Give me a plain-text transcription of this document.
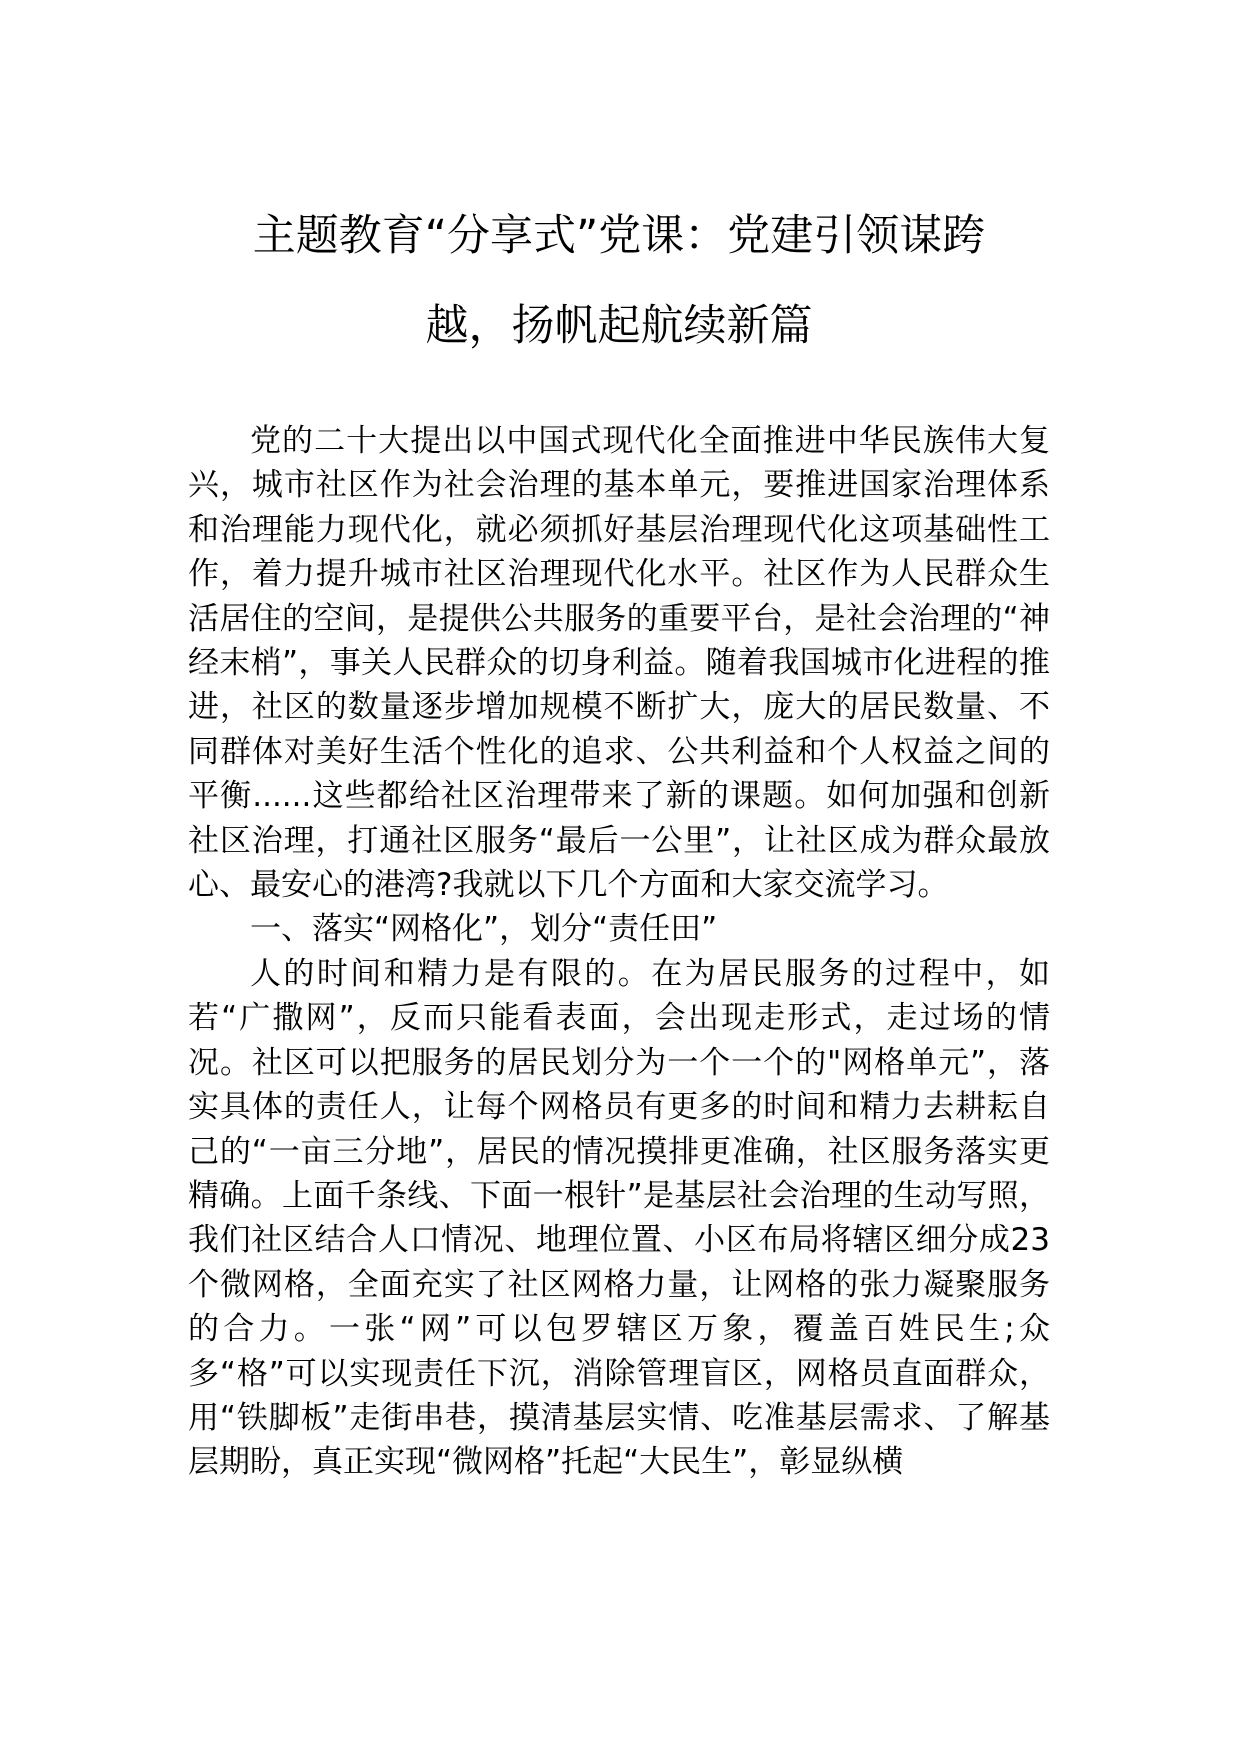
主题教育“分享式”党课：党建引领谋跨
越，扬帆起航续新篇

党的二十大提出以中国式现代化全面推进中华民族伟大复兴，城市社区作为社会治理的基本单元，要推进国家治理体系和治理能力现代化，就必须抓好基层治理现代化这项基础性工作，着力提升城市社区治理现代化水平。社区作为人民群众生活居住的空间，是提供公共服务的重要平台，是社会治理的“神经末梢”，事关人民群众的切身利益。随着我国城市化进程的推进，社区的数量逐步增加规模不断扩大，庞大的居民数量、不同群体对美好生活个性化的追求、公共利益和个人权益之间的平衡......这些都给社区治理带来了新的课题。如何加强和创新社区治理，打通社区服务“最后一公里”，让社区成为群众最放心、最安心的港湾?我就以下几个方面和大家交流学习。

一、落实“网格化”，划分“责任田”

人的时间和精力是有限的。在为居民服务的过程中，如若“广撒网”，反而只能看表面，会出现走形式，走过场的情况。社区可以把服务的居民划分为一个一个的"网格单元”，落实具体的责任人，让每个网格员有更多的时间和精力去耕耘自己的“一亩三分地”，居民的情况摸排更准确，社区服务落实更精确。上面千条线、下面一根针”是基层社会治理的生动写照，我们社区结合人口情况、地理位置、小区布局将辖区细分成23个微网格，全面充实了社区网格力量，让网格的张力凝聚服务的合力。一张“网”可以包罗辖区万象，覆盖百姓民生;众多“格”可以实现责任下沉，消除管理盲区，网格员直面群众，用“铁脚板”走街串巷，摸清基层实情、吃准基层需求、了解基层期盼，真正实现“微网格”托起“大民生”，彰显纵横
